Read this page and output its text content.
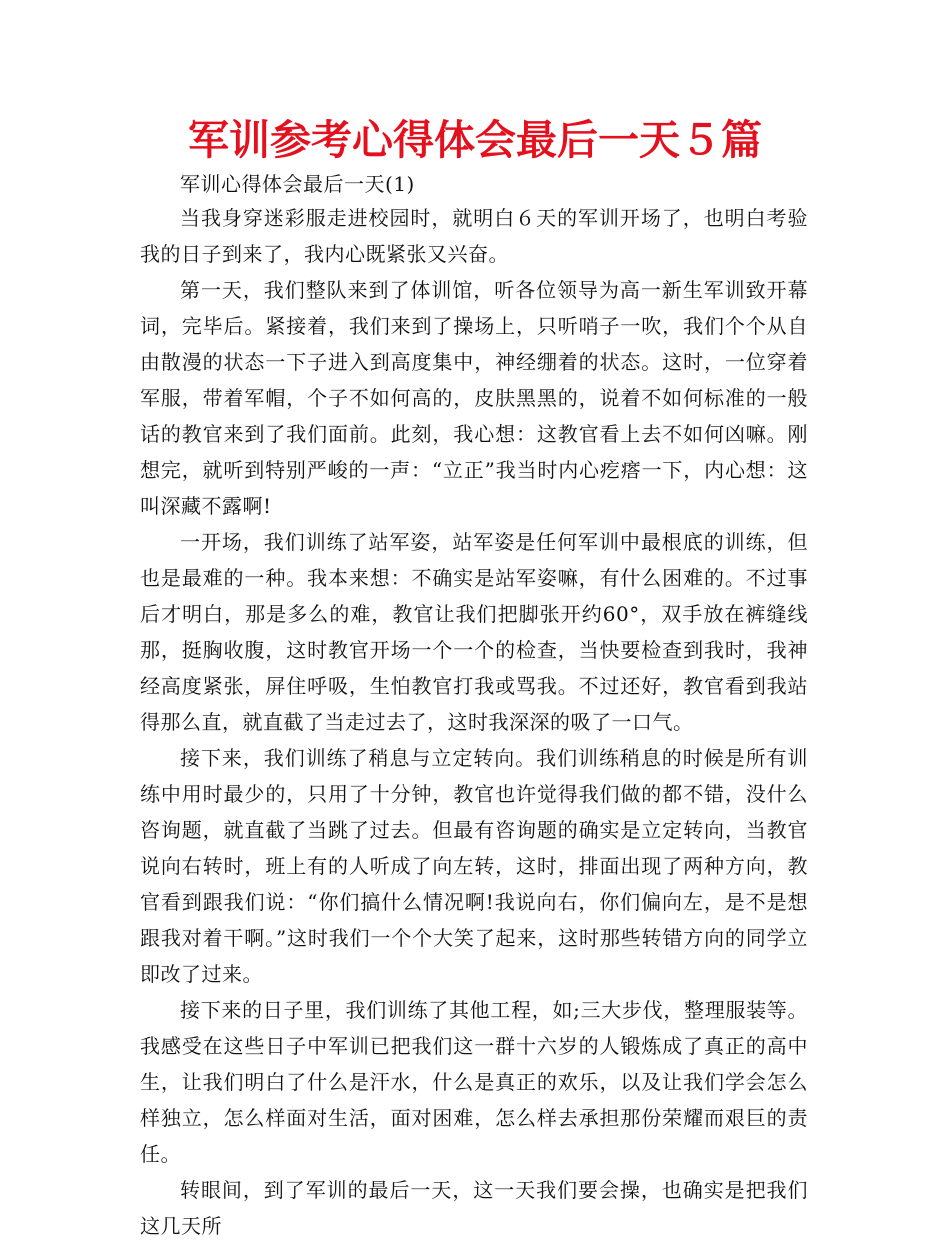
军训参考心得体会最后一天５篇

军训心得体会最后一天(1)

当我身穿迷彩服走进校园时，就明白６天的军训开场了，也明白考验我的日子到来了，我内心既紧张又兴奋。

第一天，我们整队来到了体训馆，听各位领导为高一新生军训致开幕词，完毕后。紧接着，我们来到了操场上，只听哨子一吹，我们个个从自由散漫的状态一下子进入到高度集中，神经绷着的状态。这时，一位穿着军服，带着军帽，个子不如何高的，皮肤黑黑的，说着不如何标准的一般话的教官来到了我们面前。此刻，我心想：这教官看上去不如何凶嘛。刚想完，就听到特别严峻的一声：“立正”我当时内心疙瘩一下，内心想：这叫深藏不露啊!

一开场，我们训练了站军姿，站军姿是任何军训中最根底的训练，但也是最难的一种。我本来想：不确实是站军姿嘛，有什么困难的。不过事后才明白，那是多么的难，教官让我们把脚张开约60°，双手放在裤缝线那，挺胸收腹，这时教官开场一个一个的检查，当快要检查到我时，我神经高度紧张，屏住呼吸，生怕教官打我或骂我。不过还好，教官看到我站得那么直，就直截了当走过去了，这时我深深的吸了一口气。

接下来，我们训练了稍息与立定转向。我们训练稍息的时候是所有训练中用时最少的，只用了十分钟，教官也许觉得我们做的都不错，没什么咨询题，就直截了当跳了过去。但最有咨询题的确实是立定转向，当教官说向右转时，班上有的人听成了向左转，这时，排面出现了两种方向，教官看到跟我们说：“你们搞什么情况啊!我说向右，你们偏向左，是不是想跟我对着干啊。”这时我们一个个大笑了起来，这时那些转错方向的同学立即改了过来。

接下来的日子里，我们训练了其他工程，如;三大步伐，整理服装等。我感受在这些日子中军训已把我们这一群十六岁的人锻炼成了真正的高中生，让我们明白了什么是汗水，什么是真正的欢乐，以及让我们学会怎么样独立，怎么样面对生活，面对困难，怎么样去承担那份荣耀而艰巨的责任。

转眼间，到了军训的最后一天，这一天我们要会操，也确实是把我们这几天所
